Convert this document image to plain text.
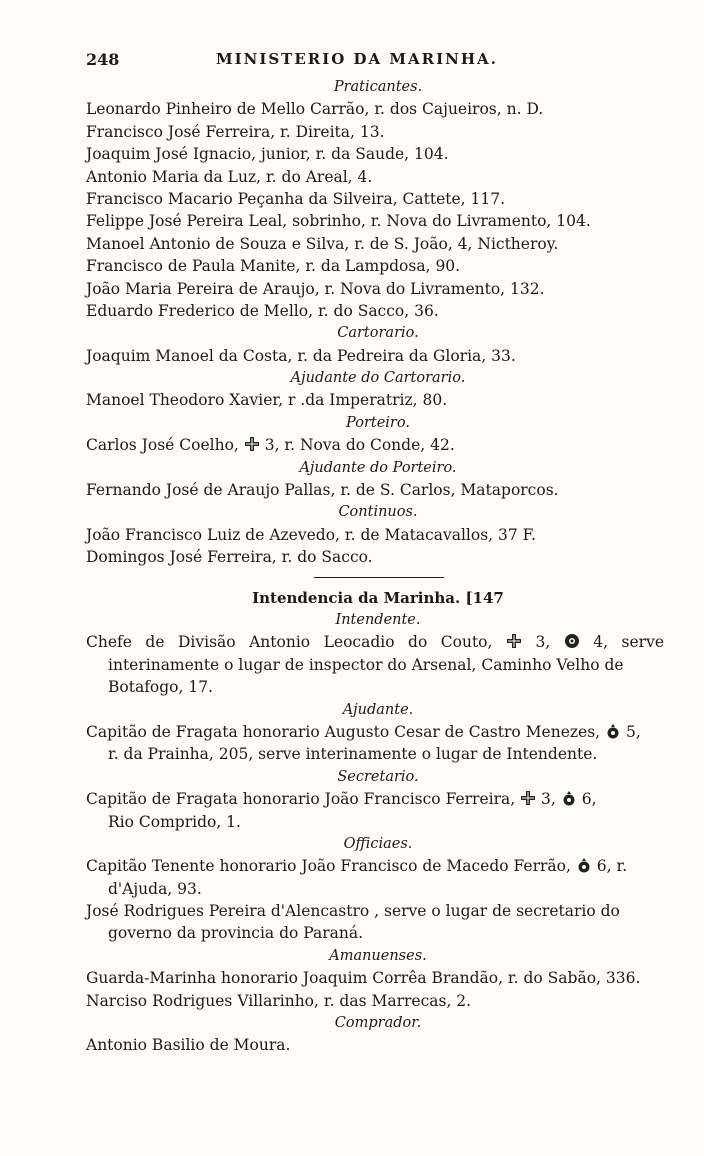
248	MINISTERIO DA MARINHA.
Praticantes.
Leonardo Pinheiro de Mello Carrão, r. dos Cajueiros, n. D.
Francisco José Ferreira, r. Direita, 13.
Joaquim José Ignacio, junior, r. da Saude, 104.
Antonio Maria da Luz, r. do Areal, 4.
Francisco Macario Peçanha da Silveira, Cattete, 117.
Felippe José Pereira Leal, sobrinho, r. Nova do Livramento, 104.
Manoel Antonio de Souza e Silva, r. de S. João, 4, Nictheroy.
Francisco de Paula Manite, r. da Lampdosa, 90.
João Maria Pereira de Araujo, r. Nova do Livramento, 132.
Eduardo Frederico de Mello, r. do Sacco, 36.
Cartorario.
Joaquim Manoel da Costa, r. da Pedreira da Gloria, 33.
Ajudante do Cartorario.
Manoel Theodoro Xavier, r .da Imperatriz, 80.
Porteiro.
Carlos José Coelho, 3, r. Nova do Conde, 42.
Ajudante do Porteiro.
Fernando José de Araujo Pallas, r. de S. Carlos, Mataporcos.
Continuos.
João Francisco Luiz de Azevedo, r. de Matacavallos, 37 F.
Domingos José Ferreira, r. do Sacco.
Intendencia da Marinha. [147
Intendente.
Chefe de Divisão Antonio Leocadio do Couto,	3,	4, serve
interinamente o lugar de inspector do Arsenal, Caminho Velho de
Botafogo, 17.
Ajudante.
Capitão de Fragata honorario Augusto Cesar de Castro Menezes, 5,
r. da Prainha, 205, serve interinamente o lugar de Intendente.
Secretario.
Capitão de Fragata honorario João Francisco Ferreira, 3, 6,
Rio Comprido, 1.
Officiaes.
Capitão Tenente honorario João Francisco de Macedo Ferrão, 6, r.
d'Ajuda, 93.
José Rodrigues Pereira d'Alencastro , serve o lugar de secretario do
governo da provincia do Paraná.
Amanuenses.
Guarda-Marinha honorario Joaquim Corrêa Brandão, r. do Sabão, 336.
Narciso Rodrigues Villarinho, r. das Marrecas, 2.
Comprador.
Antonio Basilio de Moura.
